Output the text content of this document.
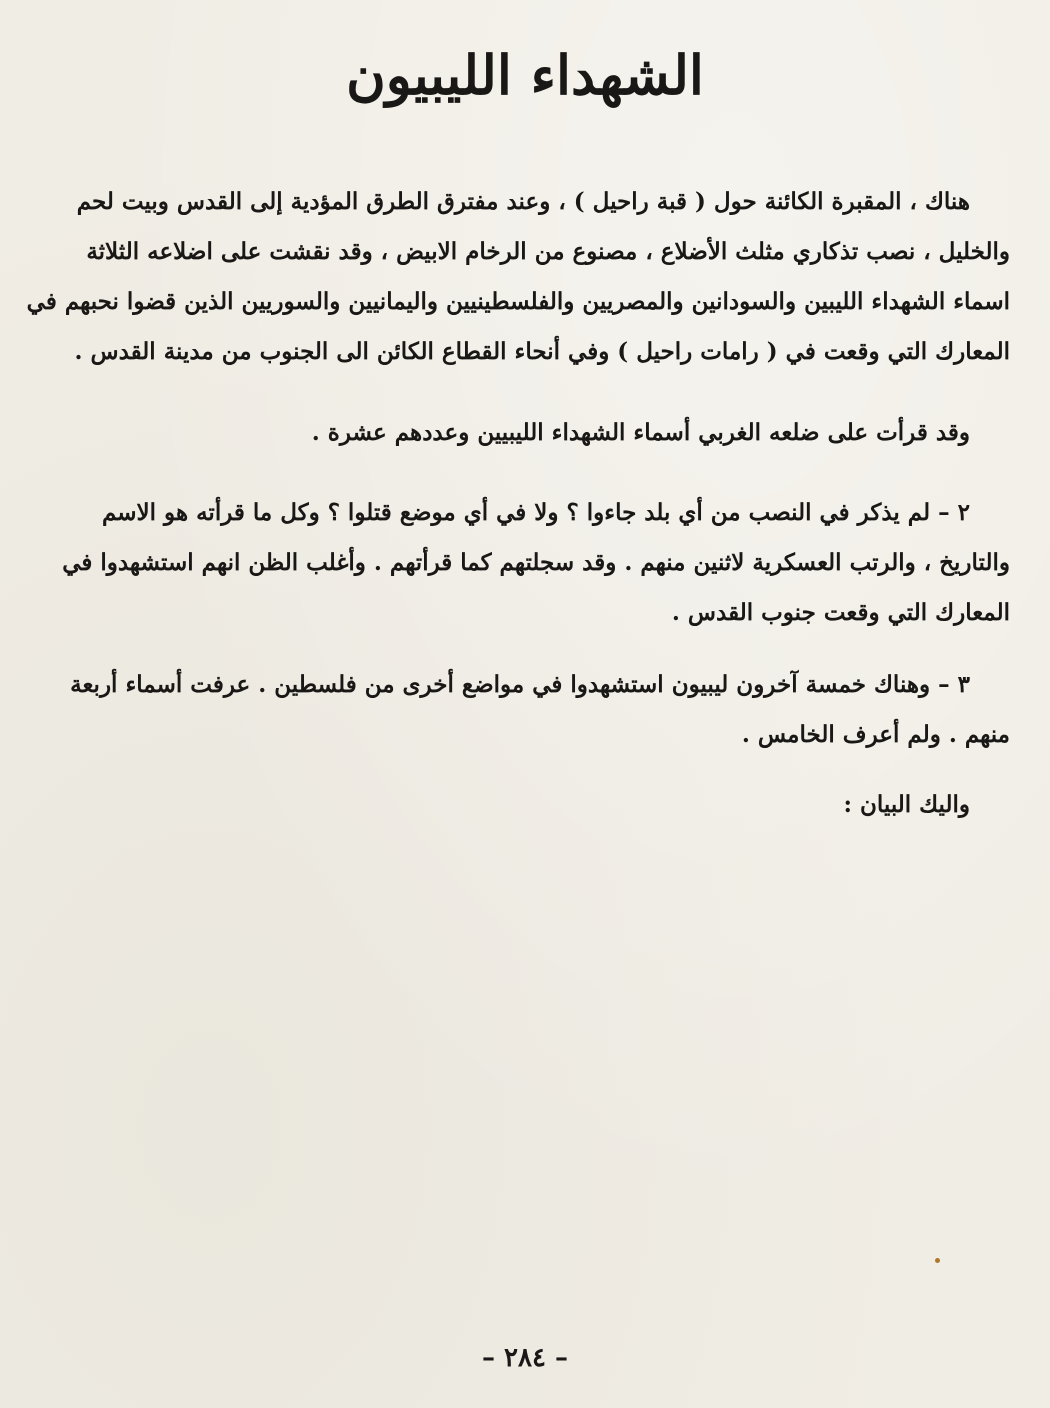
الشهداء الليبيون
هناك ، المقبرة الكائنة حول ( قبة راحيل ) ، وعند مفترق الطرق المؤدية إلى القدس وبيت لحم
والخليل ، نصب تذكاري مثلث الأضلاع ، مصنوع من الرخام الابيض ، وقد نقشت على اضلاعه الثلاثة
اسماء الشهداء الليبين والسودانين والمصريين والفلسطينيين واليمانيين والسوريين الذين قضوا نحبهم في
المعارك التي وقعت في ( رامات راحيل ) وفي أنحاء القطاع الكائن الى الجنوب من مدينة القدس .
وقد قرأت على ضلعه الغربي أسماء الشهداء الليبيين وعددهم عشرة .
٢ – لم يذكر في النصب من أي بلد جاءوا ؟ ولا في أي موضع قتلوا ؟ وكل ما قرأته هو الاسم
والتاريخ ، والرتب العسكرية لاثنين منهم . وقد سجلتهم كما قرأتهم . وأغلب الظن انهم استشهدوا في
المعارك التي وقعت جنوب القدس .
٣ – وهناك خمسة آخرون ليبيون استشهدوا في مواضع أخرى من فلسطين . عرفت أسماء أربعة
منهم . ولم أعرف الخامس .
واليك البيان :
– ٢٨٤ –
